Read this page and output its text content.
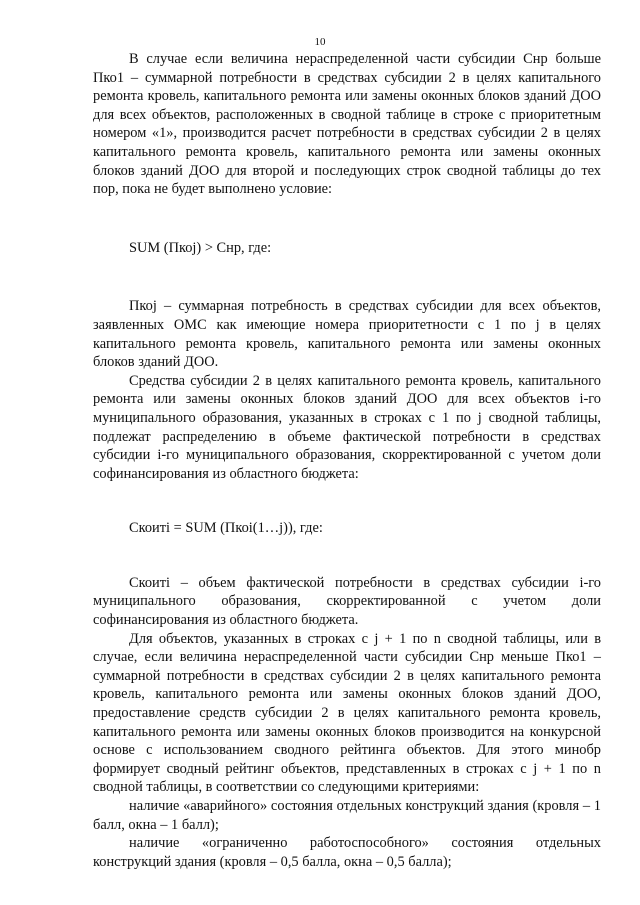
10

В случае если величина нераспределенной части субсидии Снр больше Пко1 – суммарной потребности в средствах субсидии 2 в целях капитального ремонта кровель, капитального ремонта или замены оконных блоков зданий ДОО для всех объектов, расположенных в сводной таблице в строке с приоритетным номером «1», производится расчет потребности в средствах субсидии 2 в целях капитального ремонта кровель, капитального ремонта или замены оконных блоков зданий ДОО для второй и последующих строк сводной таблицы до тех пор, пока не будет выполнено условие:

SUM (Пкоj) > Снр, где:

Пкоj – суммарная потребность в средствах субсидии для всех объектов, заявленных ОМС как имеющие номера приоритетности с 1 по j в целях капитального ремонта кровель, капитального ремонта или замены оконных блоков зданий ДОО.

Средства субсидии 2 в целях капитального ремонта кровель, капитального ремонта или замены оконных блоков зданий ДОО для всех объектов i-го муниципального образования, указанных в строках с 1 по j сводной таблицы, подлежат распределению в объеме фактической потребности в средствах субсидии i-го муниципального образования, скорректированной с учетом доли софинансирования из областного бюджета:

Скоиті = SUM (Пкоі(1…j)), где:

Скоиті – объем фактической потребности в средствах субсидии і-го муниципального образования, скорректированной с учетом доли софинансирования из областного бюджета.

Для объектов, указанных в строках с j + 1 по n сводной таблицы, или в случае, если величина нераспределенной части субсидии Снр меньше Пко1 – суммарной потребности в средствах субсидии 2 в целях капитального ремонта кровель, капитального ремонта или замены оконных блоков зданий ДОО, предоставление средств субсидии 2 в целях капитального ремонта кровель, капитального ремонта или замены оконных блоков производится на конкурсной основе с использованием сводного рейтинга объектов. Для этого минобр формирует сводный рейтинг объектов, представленных в строках с j + 1 по n сводной таблицы, в соответствии со следующими критериями:

наличие «аварийного» состояния отдельных конструкций здания (кровля – 1 балл, окна – 1 балл);

наличие «ограниченно работоспособного» состояния отдельных конструкций здания (кровля – 0,5 балла, окна – 0,5 балла);
